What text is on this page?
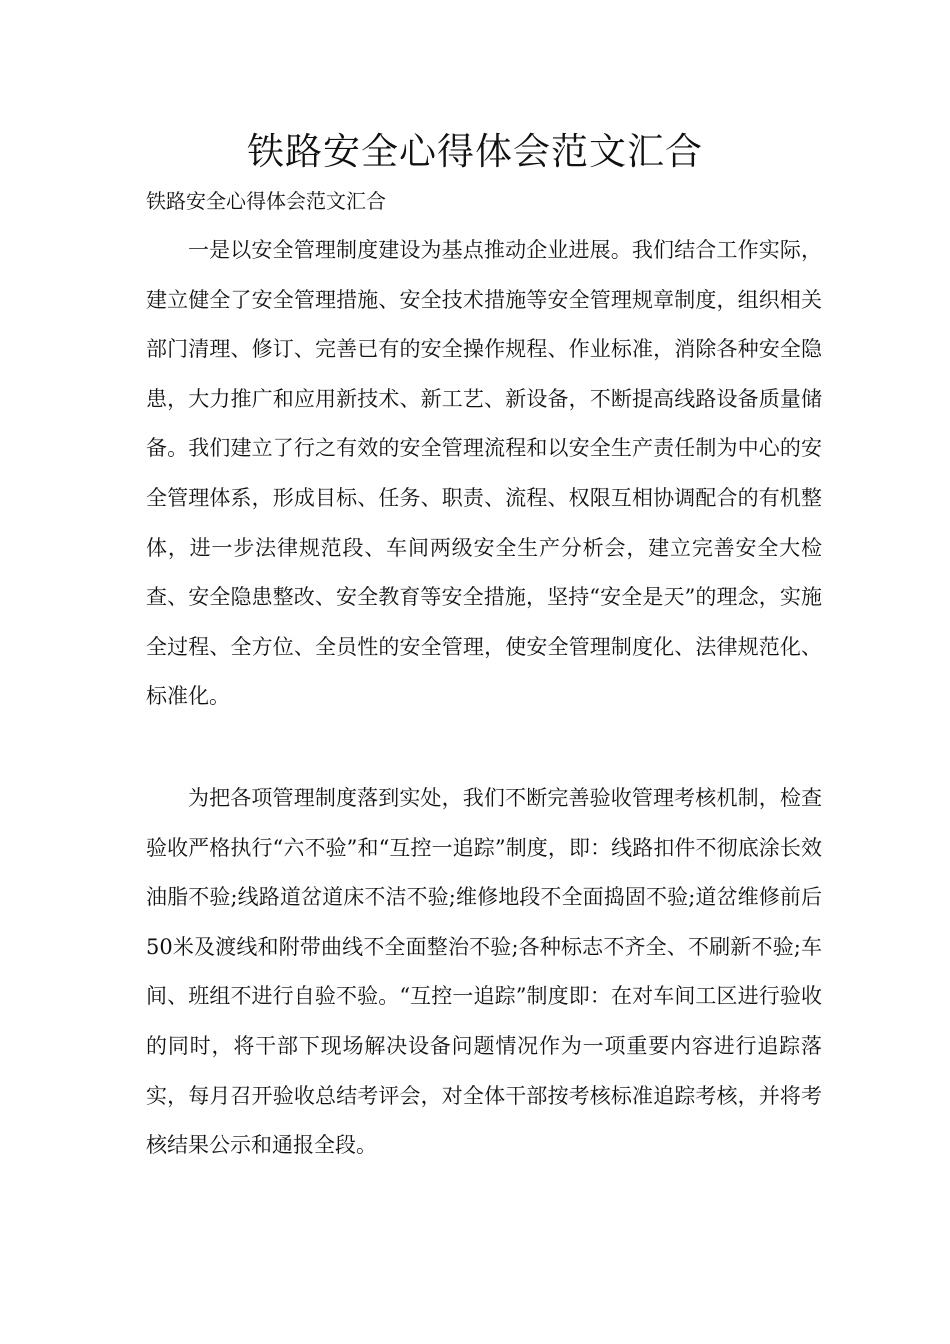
铁路安全心得体会范文汇合

铁路安全心得体会范文汇合

一是以安全管理制度建设为基点推动企业进展。我们结合工作实际，建立健全了安全管理措施、安全技术措施等安全管理规章制度，组织相关部门清理、修订、完善已有的安全操作规程、作业标准，消除各种安全隐患，大力推广和应用新技术、新工艺、新设备，不断提高线路设备质量储备。我们建立了行之有效的安全管理流程和以安全生产责任制为中心的安全管理体系，形成目标、任务、职责、流程、权限互相协调配合的有机整体，进一步法律规范段、车间两级安全生产分析会，建立完善安全大检查、安全隐患整改、安全教育等安全措施，坚持“安全是天”的理念，实施全过程、全方位、全员性的安全管理，使安全管理制度化、法律规范化、标准化。

为把各项管理制度落到实处，我们不断完善验收管理考核机制，检查验收严格执行“六不验”和“互控一追踪”制度，即：线路扣件不彻底涂长效油脂不验;线路道岔道床不洁不验;维修地段不全面捣固不验;道岔维修前后50米及渡线和附带曲线不全面整治不验;各种标志不齐全、不刷新不验;车间、班组不进行自验不验。“互控一追踪”制度即：在对车间工区进行验收的同时，将干部下现场解决设备问题情况作为一项重要内容进行追踪落实，每月召开验收总结考评会，对全体干部按考核标准追踪考核，并将考核结果公示和通报全段。
